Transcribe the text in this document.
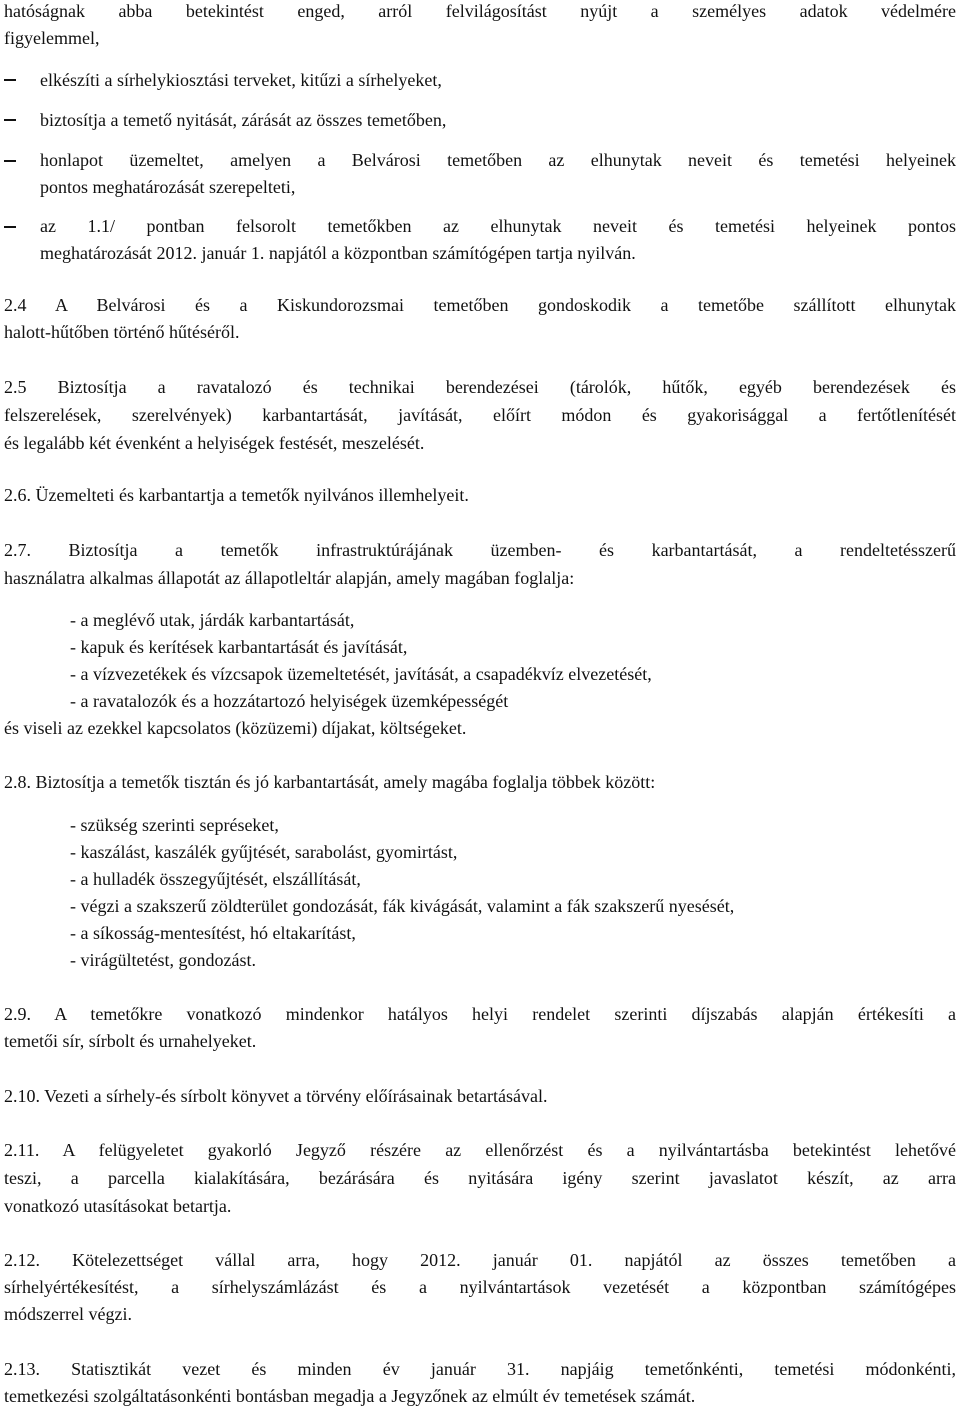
hatóságnak abba betekintést enged, arról felvilágosítást nyújt a személyes adatok védelmére
figyelemmel,
elkészíti a sírhelykiosztási terveket, kitűzi a sírhelyeket,
biztosítja a temető nyitását, zárását az összes temetőben,
honlapot üzemeltet, amelyen a Belvárosi temetőben az elhunytak neveit és temetési helyeinek
pontos meghatározását szerepelteti,
az 1.1/ pontban felsorolt temetőkben az elhunytak neveit és temetési helyeinek pontos
meghatározását 2012. január 1. napjától a központban számítógépen tartja nyilván.
2.4 A Belvárosi és a Kiskundorozsmai temetőben gondoskodik a temetőbe szállított elhunytak
halott-hűtőben történő hűtéséről.
2.5 Biztosítja a ravatalozó és technikai berendezései (tárolók, hűtők, egyéb berendezések és
felszerelések, szerelvények) karbantartását, javítását, előírt módon és gyakorisággal a fertőtlenítését
és legalább két évenként a helyiségek festését, meszelését.
2.6. Üzemelteti és karbantartja a temetők nyilvános illemhelyeit.
2.7. Biztosítja a temetők infrastruktúrájának üzemben- és karbantartását, a rendeltetésszerű
használatra alkalmas állapotát az állapotleltár alapján, amely magában foglalja:
- a meglévő utak, járdák karbantartását,
- kapuk és kerítések karbantartását és javítását,
- a vízvezetékek és vízcsapok üzemeltetését, javítását, a csapadékvíz elvezetését,
- a ravatalozók és a hozzátartozó helyiségek üzemképességét
és viseli az ezekkel kapcsolatos (közüzemi) díjakat, költségeket.
2.8. Biztosítja a temetők tisztán és jó karbantartását, amely magába foglalja többek között:
- szükség szerinti sepréseket,
- kaszálást, kaszálék gyűjtését, sarabolást, gyomirtást,
- a hulladék összegyűjtését, elszállítását,
- végzi a szakszerű zöldterület gondozását, fák kivágását, valamint a fák szakszerű nyesését,
- a síkosság-mentesítést, hó eltakarítást,
- virágültetést, gondozást.
2.9. A temetőkre vonatkozó mindenkor hatályos helyi rendelet szerinti díjszabás alapján értékesíti a
temetői sír, sírbolt és urnahelyeket.
2.10. Vezeti a sírhely-és sírbolt könyvet a törvény előírásainak betartásával.
2.11. A felügyeletet gyakorló Jegyző részére az ellenőrzést és a nyilvántartásba betekintést lehetővé
teszi, a parcella kialakítására, bezárására és nyitására igény szerint javaslatot készít, az arra
vonatkozó utasításokat betartja.
2.12. Kötelezettséget vállal arra, hogy 2012. január 01. napjától az összes temetőben a
sírhelyértékesítést, a sírhelyszámlázást és a nyilvántartások vezetését a központban számítógépes
módszerrel végzi.
2.13. Statisztikát vezet és minden év január 31. napjáig temetőnkénti, temetési módonkénti,
temetkezési szolgáltatásonkénti bontásban megadja a Jegyzőnek az elmúlt év temetések számát.
